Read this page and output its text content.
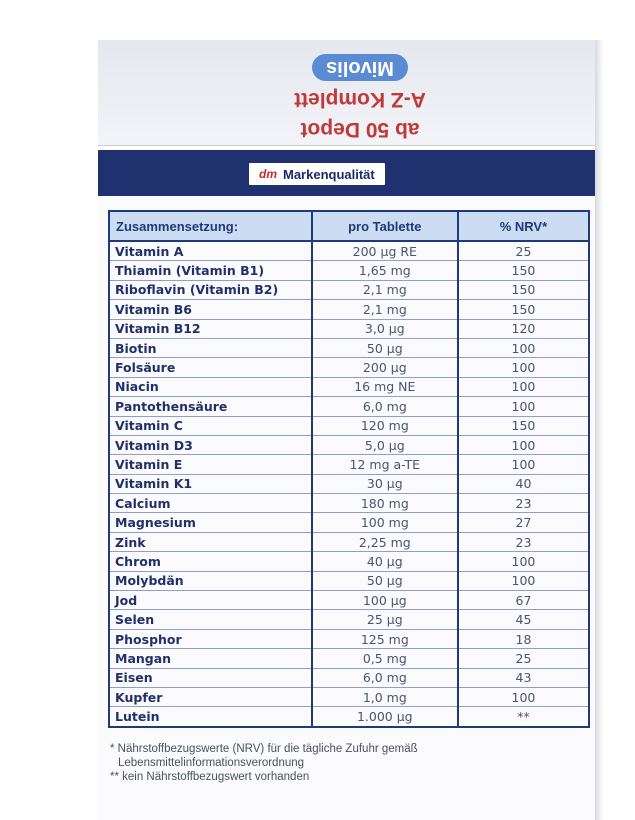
ab 50 Depot
A-Z Komplett
Mivolis
dm Markenqualität
Zusammensetzung:	pro Tablette	% NRV*
Vitamin A	200 µg RE	25
Thiamin (Vitamin B1)	1,65 mg	150
Riboflavin (Vitamin B2)	2,1 mg	150
Vitamin B6	2,1 mg	150
Vitamin B12	3,0 µg	120
Biotin	50 µg	100
Folsäure	200 µg	100
Niacin	16 mg NE	100
Pantothensäure	6,0 mg	100
Vitamin C	120 mg	150
Vitamin D3	5,0 µg	100
Vitamin E	12 mg a-TE	100
Vitamin K1	30 µg	40
Calcium	180 mg	23
Magnesium	100 mg	27
Zink	2,25 mg	23
Chrom	40 µg	100
Molybdän	50 µg	100
Jod	100 µg	67
Selen	25 µg	45
Phosphor	125 mg	18
Mangan	0,5 mg	25
Eisen	6,0 mg	43
Kupfer	1,0 mg	100
Lutein	1.000 µg	**
* Nährstoffbezugswerte (NRV) für die tägliche Zufuhr gemäß
Lebensmittelinformationsverordnung
** kein Nährstoffbezugswert vorhanden
